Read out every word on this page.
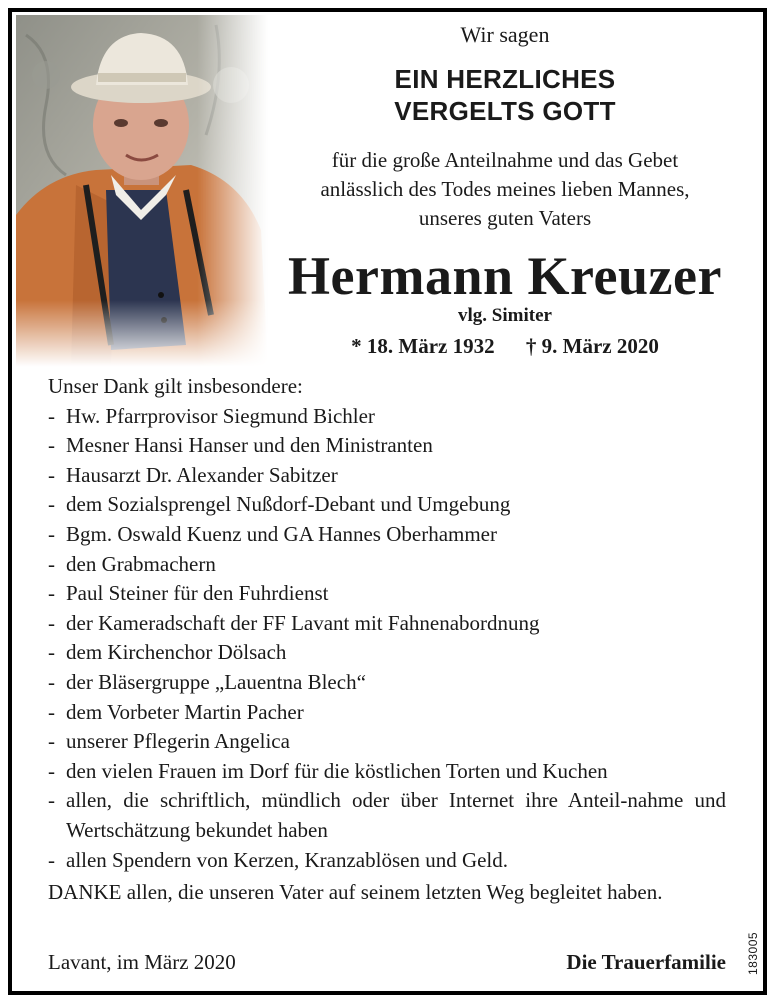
Wir sagen
EIN HERZLICHES
VERGELTS GOTT
für die große Anteilnahme und das Gebet
anlässlich des Todes meines lieben Mannes,
unseres guten Vaters
Hermann Kreuzer
vlg. Simiter
* 18. März 1932 † 9. März 2020

Unser Dank gilt insbesondere:

- Hw. Pfarrprovisor Siegmund Bichler
- Mesner Hansi Hanser und den Ministranten
- Hausarzt Dr. Alexander Sabitzer
- dem Sozialsprengel Nußdorf-Debant und Umgebung
- Bgm. Oswald Kuenz und GA Hannes Oberhammer
- den Grabmachern
- Paul Steiner für den Fuhrdienst
- der Kameradschaft der FF Lavant mit Fahnenabordnung
- dem Kirchenchor Dölsach
- der Bläsergruppe „Lauentna Blech“
- dem Vorbeter Martin Pacher
- unserer Pflegerin Angelica
- den vielen Frauen im Dorf für die köstlichen Torten und Kuchen
- allen, die schriftlich, mündlich oder über Internet ihre Anteil-nahme und Wertschätzung bekundet haben
- allen Spendern von Kerzen, Kranzablösen und Geld.

DANKE allen, die unseren Vater auf seinem letzten Weg begleitet haben.

Lavant, im März 2020	Die Trauerfamilie 183005
